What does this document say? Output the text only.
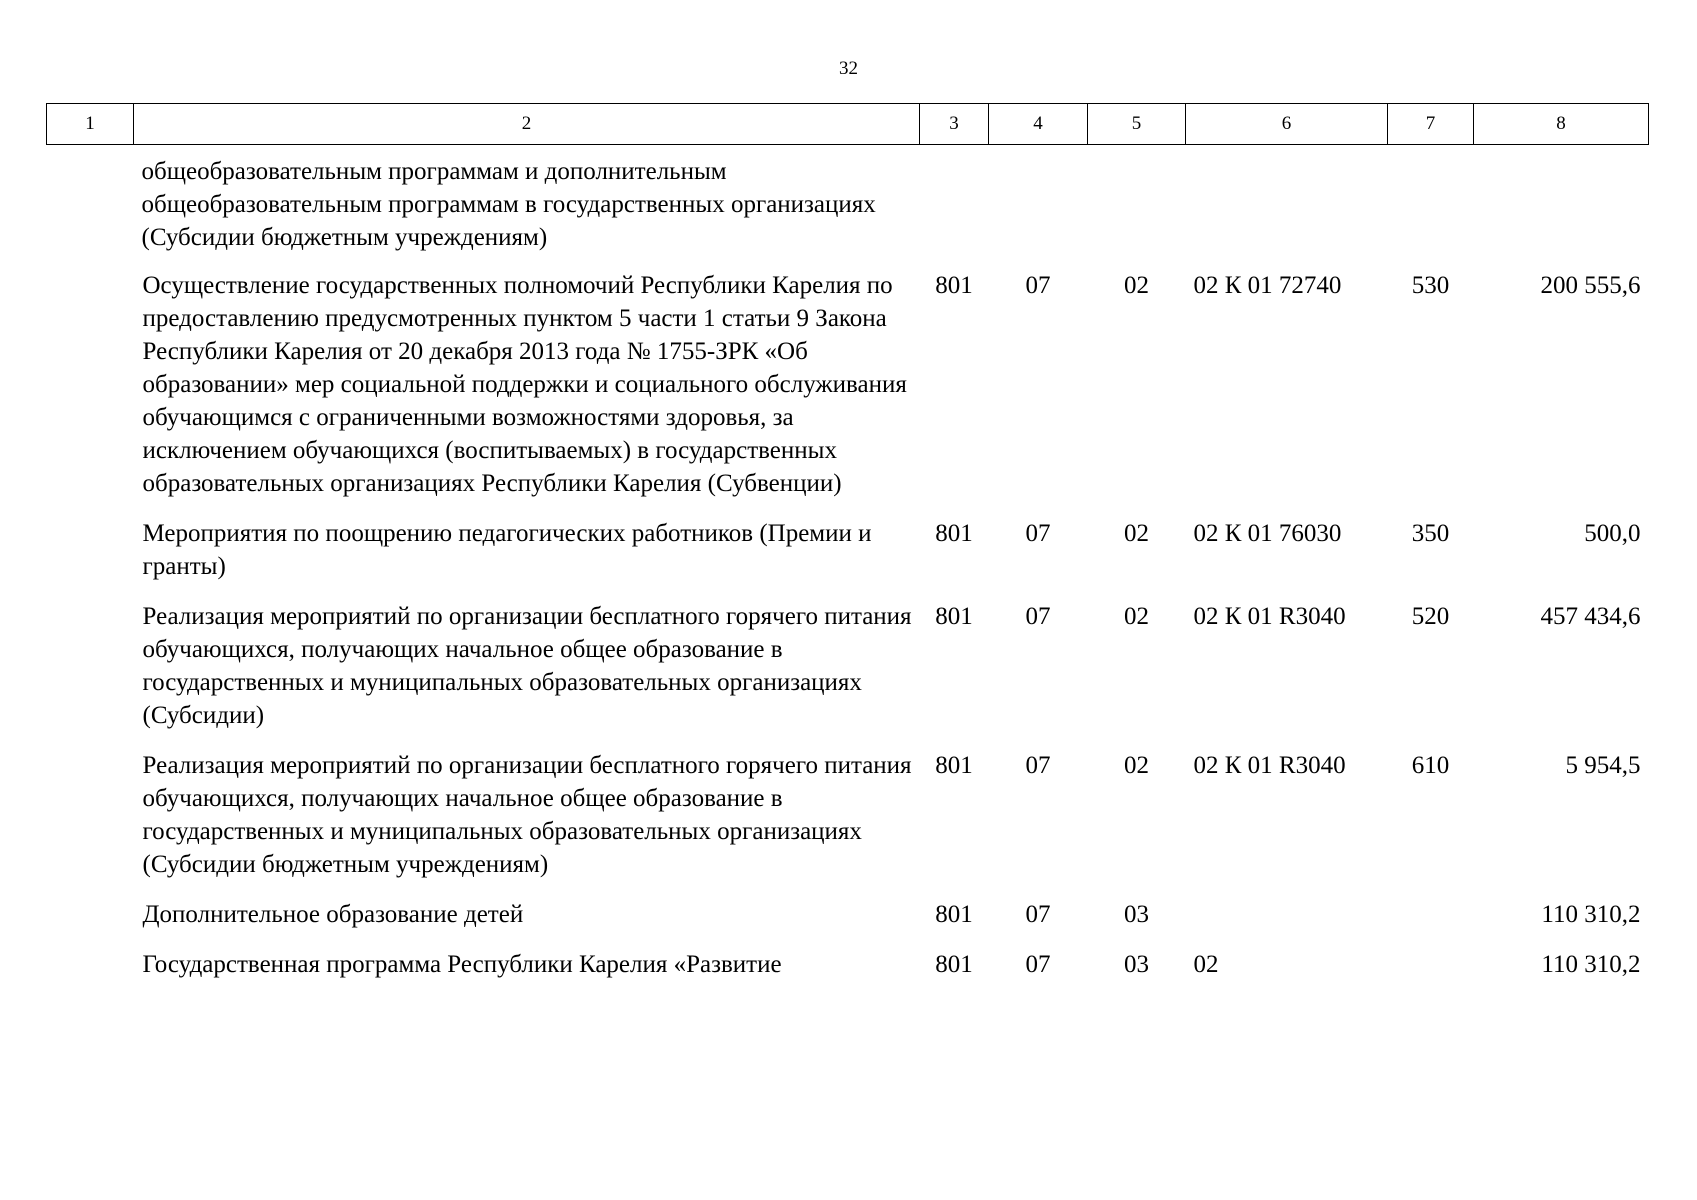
32
1	2	3	4	5	6	7	8
общеобразовательным программам и дополнительным общеобразовательным программам в государственных организациях (Субсидии бюджетным учреждениям)							
	Осуществление государственных полномочий Республики Карелия по предоставлению предусмотренных пунктом 5 части 1 статьи 9 Закона Республики Карелия от 20 декабря 2013 года № 1755-ЗРК «Об образовании» мер социальной поддержки и социального обслуживания обучающимся с ограниченными возможностями здоровья, за исключением обучающихся (воспитываемых) в государственных образовательных организациях Республики Карелия (Субвенции)	801	07	02	02 К 01 72740	530	200 555,6
	Мероприятия по поощрению педагогических работников (Премии и гранты)	801	07	02	02 К 01 76030	350	500,0
	Реализация мероприятий по организации бесплатного горячего питания обучающихся, получающих начальное общее образование в государственных и муниципальных образовательных организациях (Субсидии)	801	07	02	02 К 01 R3040	520	457 434,6
	Реализация мероприятий по организации бесплатного горячего питания обучающихся, получающих начальное общее образование в государственных и муниципальных образовательных организациях (Субсидии бюджетным учреждениям)	801	07	02	02 К 01 R3040	610	5 954,5
	Дополнительное образование детей	801	07	03			110 310,2
	Государственная программа Республики Карелия «Развитие	801	07	03	02		110 310,2
